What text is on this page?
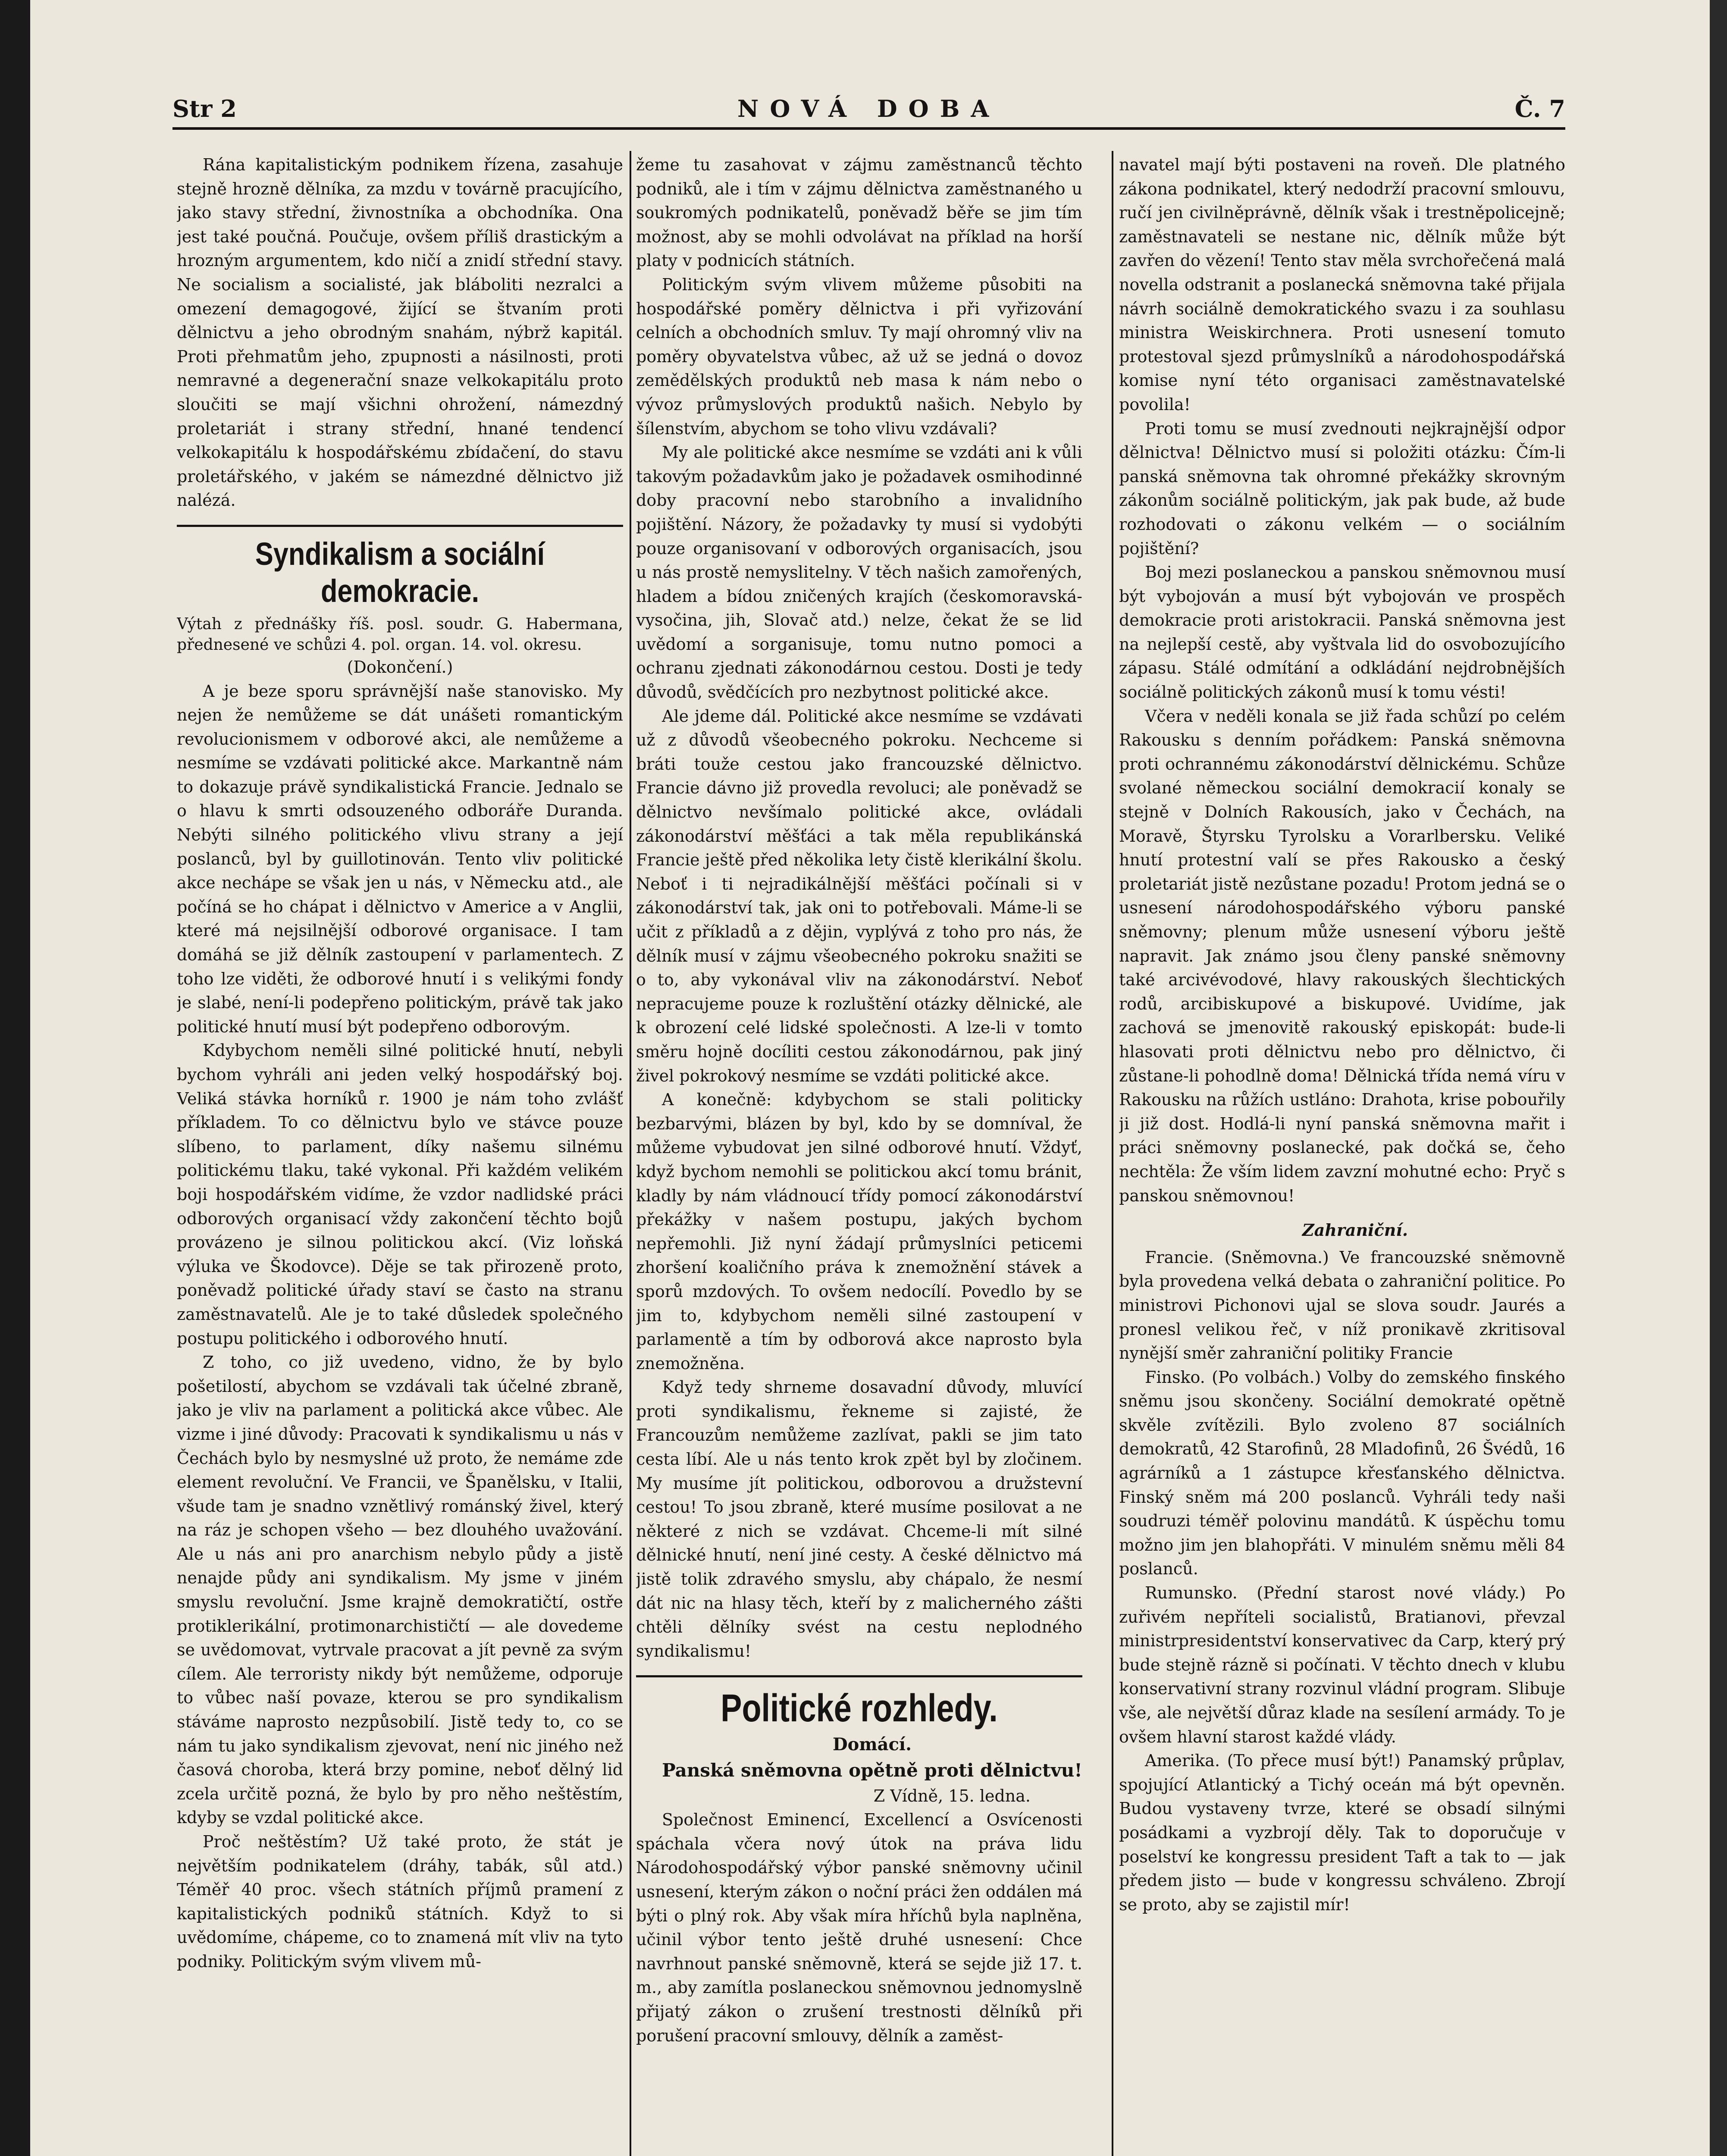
Str 2	NOVÁ DOBA	Č. 7

Rána kapitalistickým podnikem řízena, zasahuje stejně hrozně dělníka, za mzdu v továrně pracujícího, jako stavy střední, živnostníka a obchodníka. Ona jest také poučná. Poučuje, ovšem příliš drastickým a hrozným argumentem, kdo ničí a znidí střední stavy. Ne socialism a socialisté, jak bláboliti nezralci a omezení demagogové, žijící se štvaním proti dělnictvu a jeho obrodným snahám, nýbrž kapitál. Proti přehmatům jeho, zpupnosti a násilnosti, proti nemravné a degenerační snaze velkokapitálu proto sloučiti se mají všichni ohrožení, námezdný proletariát i strany střední, hnané tendencí velkokapitálu k hospodářskému zbídačení, do stavu proletářského, v jakém se námezdné dělnictvo již nalézá.

Syndikalism a sociální demokracie.

Výtah z přednášky říš. posl. soudr. G. Habermana, přednesené ve schůzi 4. pol. organ. 14. vol. okresu.

(Dokončení.)

A je beze sporu správnější naše stanovisko. My nejen že nemůžeme se dát unášeti romantickým revolucionismem v odborové akci, ale nemůžeme a nesmíme se vzdávati politické akce. Markantně nám to dokazuje právě syndikalistická Francie. Jednalo se o hlavu k smrti odsouzeného odboráře Duranda. Nebýti silného politického vlivu strany a její poslanců, byl by guillotinován. Tento vliv politické akce nechápe se však jen u nás, v Německu atd., ale počíná se ho chápat i dělnictvo v Americe a v Anglii, které má nejsilnější odborové organisace. I tam domáhá se již dělník zastoupení v parlamentech. Z toho lze viděti, že odborové hnutí i s velikými fondy je slabé, není-li podepřeno politickým, právě tak jako politické hnutí musí být podepřeno odborovým.

Kdybychom neměli silné politické hnutí, nebyli bychom vyhráli ani jeden velký hospodářský boj. Veliká stávka horníků r. 1900 je nám toho zvlášť příkladem. To co dělnictvu bylo ve stávce pouze slíbeno, to parlament, díky našemu silnému politickému tlaku, také vykonal. Při každém velikém boji hospodářském vidíme, že vzdor nadlidské práci odborových organisací vždy zakončení těchto bojů provázeno je silnou politickou akcí. (Viz loňská výluka ve Škodovce). Děje se tak přirozeně proto, poněvadž politické úřady staví se často na stranu zaměstnavatelů. Ale je to také důsledek společného postupu politického i odborového hnutí.

Z toho, co již uvedeno, vidno, že by bylo pošetilostí, abychom se vzdávali tak účelné zbraně, jako je vliv na parlament a politická akce vůbec. Ale vizme i jiné důvody: Pracovati k syndikalismu u nás v Čechách bylo by nesmyslné už proto, že nemáme zde element revoluční. Ve Francii, ve Španělsku, v Italii, všude tam je snadno vznětlivý románský živel, který na ráz je schopen všeho — bez dlouhého uvažování. Ale u nás ani pro anarchism nebylo půdy a jistě nenajde půdy ani syndikalism. My jsme v jiném smyslu revoluční. Jsme krajně demokratičtí, ostře protiklerikální, protimonarchističtí — ale dovedeme se uvědomovat, vytrvale pracovat a jít pevně za svým cílem. Ale terroristy nikdy být nemůžeme, odporuje to vůbec naší povaze, kterou se pro syndikalism stáváme naprosto nezpůsobilí. Jistě tedy to, co se nám tu jako syndikalism zjevovat, není nic jiného než časová choroba, která brzy pomine, neboť dělný lid zcela určitě pozná, že bylo by pro něho neštěstím, kdyby se vzdal politické akce.

Proč neštěstím? Už také proto, že stát je největším podnikatelem (dráhy, tabák, sůl atd.) Téměř 40 proc. všech státních příjmů pramení z kapitalistických podniků státních. Když to si uvědomíme, chápeme, co to znamená mít vliv na tyto podniky. Politickým svým vlivem mů-

žeme tu zasahovat v zájmu zaměstnanců těchto podniků, ale i tím v zájmu dělnictva zaměstnaného u soukromých podnikatelů, poněvadž běře se jim tím možnost, aby se mohli odvolávat na příklad na horší platy v podnicích státních.

Politickým svým vlivem můžeme působiti na hospodářské poměry dělnictva i při vyřizování celních a obchodních smluv. Ty mají ohromný vliv na poměry obyvatelstva vůbec, až už se jedná o dovoz zemědělských produktů neb masa k nám nebo o vývoz průmyslových produktů našich. Nebylo by šílenstvím, abychom se toho vlivu vzdávali?

My ale politické akce nesmíme se vzdáti ani k vůli takovým požadavkům jako je požadavek osmihodinné doby pracovní nebo starobního a invalidního pojištění. Názory, že požadavky ty musí si vydobýti pouze organisovaní v odborových organisacích, jsou u nás prostě nemyslitelny. V těch našich zamořených, hladem a bídou zničených krajích (českomoravská-vysočina, jih, Slovač atd.) nelze, čekat že se lid uvědomí a sorganisuje, tomu nutno pomoci a ochranu zjednati zákonodárnou cestou. Dosti je tedy důvodů, svědčících pro nezbytnost politické akce.

Ale jdeme dál. Politické akce nesmíme se vzdávati už z důvodů všeobecného pokroku. Nechceme si bráti touže cestou jako francouzské dělnictvo. Francie dávno již provedla revoluci; ale poněvadž se dělnictvo nevšímalo politické akce, ovládali zákonodárství měšťáci a tak měla republikánská Francie ještě před několika lety čistě klerikální školu. Neboť i ti nejradikálnější měšťáci počínali si v zákonodárství tak, jak oni to potřebovali. Máme-li se učit z příkladů a z dějin, vyplývá z toho pro nás, že dělník musí v zájmu všeobecného pokroku snažiti se o to, aby vykonával vliv na zákonodárství. Neboť nepracujeme pouze k rozluštění otázky dělnické, ale k obrození celé lidské společnosti. A lze-li v tomto směru hojně docíliti cestou zákonodárnou, pak jiný živel pokrokový nesmíme se vzdáti politické akce.

A konečně: kdybychom se stali politicky bezbarvými, blázen by byl, kdo by se domníval, že můžeme vybudovat jen silné odborové hnutí. Vždyť, když bychom nemohli se politickou akcí tomu bránit, kladly by nám vládnoucí třídy pomocí zákonodárství překážky v našem postupu, jakých bychom nepřemohli. Již nyní žádají průmyslníci peticemi zhoršení koaličního práva k znemožnění stávek a sporů mzdových. To ovšem nedocílí. Povedlo by se jim to, kdybychom neměli silné zastoupení v parlamentě a tím by odborová akce naprosto byla znemožněna.

Když tedy shrneme dosavadní důvody, mluvící proti syndikalismu, řekneme si zajisté, že Francouzům nemůžeme zazlívat, pakli se jim tato cesta líbí. Ale u nás tento krok zpět byl by zločinem. My musíme jít politickou, odborovou a družstevní cestou! To jsou zbraně, které musíme posilovat a ne některé z nich se vzdávat. Chceme-li mít silné dělnické hnutí, není jiné cesty. A české dělnictvo má jistě tolik zdravého smyslu, aby chápalo, že nesmí dát nic na hlasy těch, kteří by z malicherného zášti chtěli dělníky svést na cestu neplodného syndikalismu!

Politické rozhledy.

Domácí.

Panská sněmovna opětně proti dělnictvu!

Z Vídně, 15. ledna.

Společnost Eminencí, Excellencí a Osvícenosti spáchala včera nový útok na práva lidu Národohospodářský výbor panské sněmovny učinil usnesení, kterým zákon o noční práci žen oddálen má býti o plný rok. Aby však míra hříchů byla naplněna, učinil výbor tento ještě druhé usnesení: Chce navrhnout panské sněmovně, která se sejde již 17. t. m., aby zamítla poslaneckou sněmovnou jednomyslně přijatý zákon o zrušení trestnosti dělníků při porušení pracovní smlouvy, dělník a zaměst-

navatel mají býti postaveni na roveň. Dle platného zákona podnikatel, který nedodrží pracovní smlouvu, ručí jen civilněprávně, dělník však i trestněpolicejně; zaměstnavateli se nestane nic, dělník může být zavřen do vězení! Tento stav měla svrchořečená malá novella odstranit a poslanecká sněmovna také přijala návrh sociálně demokratického svazu i za souhlasu ministra Weiskirchnera. Proti usnesení tomuto protestoval sjezd průmyslníků a národohospodářská komise nyní této organisaci zaměstnavatelské povolila!

Proti tomu se musí zvednouti nejkrajnější odpor dělnictva! Dělnictvo musí si položiti otázku: Čím-li panská sněmovna tak ohromné překážky skrovným zákonům sociálně politickým, jak pak bude, až bude rozhodovati o zákonu velkém — o sociálním pojištění?

Boj mezi poslaneckou a panskou sněmovnou musí být vybojován a musí být vybojován ve prospěch demokracie proti aristokracii. Panská sněmovna jest na nejlepší cestě, aby vyštvala lid do osvobozujícího zápasu. Stálé odmítání a odkládání nejdrobnějších sociálně politických zákonů musí k tomu vésti!

Včera v neděli konala se již řada schůzí po celém Rakousku s denním pořádkem: Panská sněmovna proti ochrannému zákonodárství dělnickému. Schůze svolané německou sociální demokracií konaly se stejně v Dolních Rakousích, jako v Čechách, na Moravě, Štyrsku Tyrolsku a Vorarlbersku. Veliké hnutí protestní valí se přes Rakousko a český proletariát jistě nezůstane pozadu! Protom jedná se o usnesení národohospodářského výboru panské sněmovny; plenum může usnesení výboru ještě napravit. Jak známo jsou členy panské sněmovny také arcivévodové, hlavy rakouských šlechtických rodů, arcibiskupové a biskupové. Uvidíme, jak zachová se jmenovitě rakouský episkopát: bude-li hlasovati proti dělnictvu nebo pro dělnictvo, či zůstane-li pohodlně doma! Dělnická třída nemá víru v Rakousku na růžích ustláno: Drahota, krise pobouřily ji již dost. Hodlá-li nyní panská sněmovna mařit i práci sněmovny poslanecké, pak dočká se, čeho nechtěla: Že vším lidem zavzní mohutné echo: Pryč s panskou sněmovnou!

Zahraniční.

Francie. (Sněmovna.) Ve francouzské sněmovně byla provedena velká debata o zahraniční politice. Po ministrovi Pichonovi ujal se slova soudr. Jaurés a pronesl velikou řeč, v níž pronikavě zkritisoval nynější směr zahraniční politiky Francie

Finsko. (Po volbách.) Volby do zemského finského sněmu jsou skončeny. Sociální demokraté opětně skvěle zvítězili. Bylo zvoleno 87 sociálních demokratů, 42 Starofinů, 28 Mladofinů, 26 Švédů, 16 agrárníků a 1 zástupce křesťanského dělnictva. Finský sněm má 200 poslanců. Vyhráli tedy naši soudruzi téměř polovinu mandátů. K úspěchu tomu možno jim jen blahopřáti. V minulém sněmu měli 84 poslanců.

Rumunsko. (Přední starost nové vlády.) Po zuřivém nepříteli socialistů, Bratianovi, převzal ministrpresidentství konservativec da Carp, který prý bude stejně rázně si počínati. V těchto dnech v klubu konservativní strany rozvinul vládní program. Slibuje vše, ale největší důraz klade na sesílení armády. To je ovšem hlavní starost každé vlády.

Amerika. (To přece musí být!) Panamský průplav, spojující Atlantický a Tichý oceán má být opevněn. Budou vystaveny tvrze, které se obsadí silnými posádkami a vyzbrojí děly. Tak to doporučuje v poselství ke kongressu president Taft a tak to — jak předem jisto — bude v kongressu schváleno. Zbrojí se proto, aby se zajistil mír!
